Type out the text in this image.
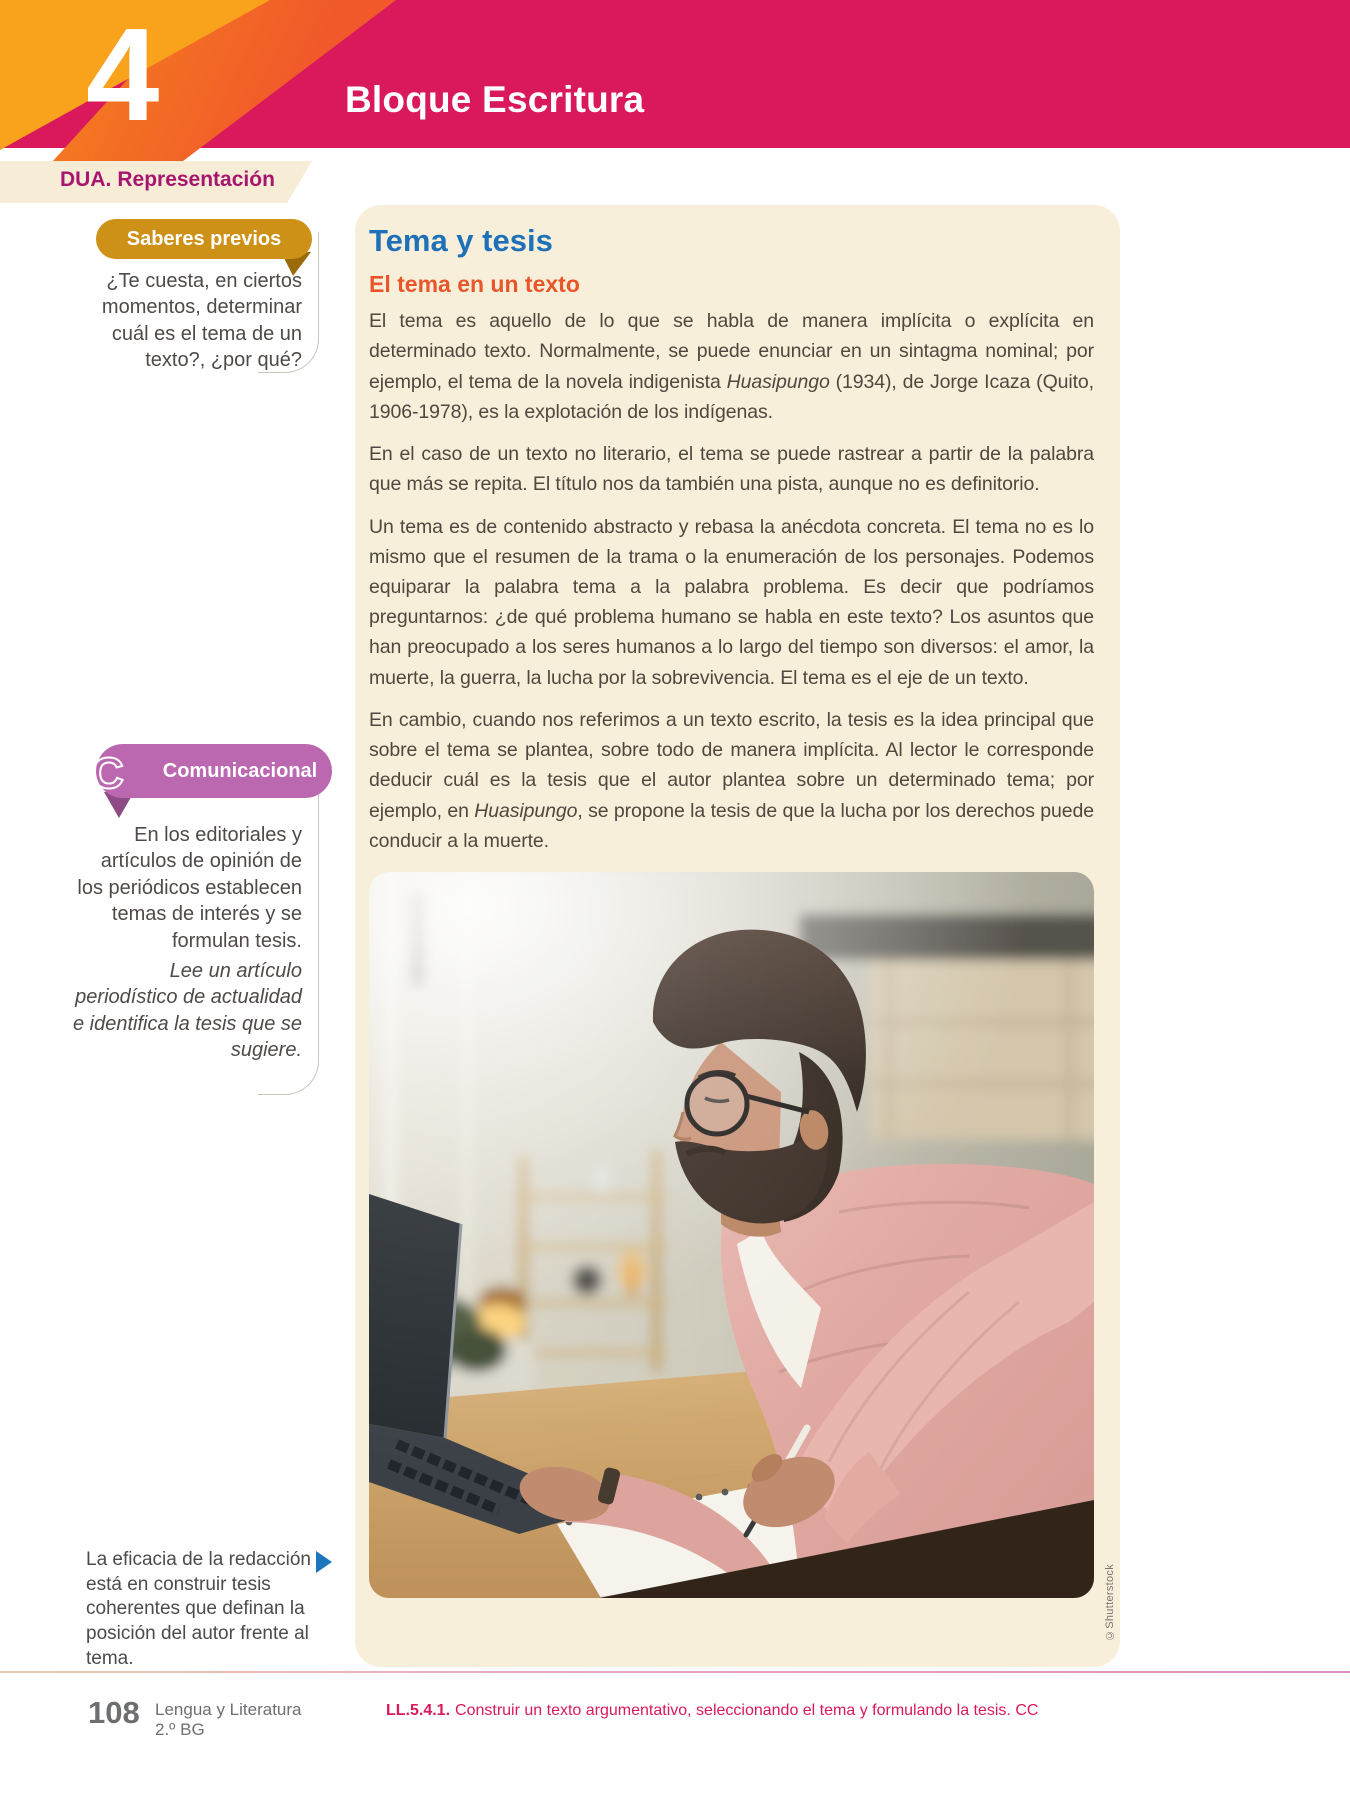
4	Bloque Escritura
DUA. Representación
Saberes previos
¿Te cuesta, en ciertos momentos, determinar cuál es el tema de un texto?, ¿por qué?
C	Comunicacional

En los editoriales y artículos de opinión de los periódicos establecen temas de interés y se formulan tesis.

Lee un artículo periodístico de actualidad e identifica la tesis que se sugiere.

La eficacia de la redacción está en construir tesis coherentes que definan la posición del autor frente al tema.
Tema y tesis
El tema en un texto

El tema es aquello de lo que se habla de manera implícita o explícita en determinado texto. Normalmente, se puede enunciar en un sintagma nominal; por ejemplo, el tema de la novela indigenista Huasipungo (1934), de Jorge Icaza (Quito, 1906-1978), es la explotación de los indígenas.

En el caso de un texto no literario, el tema se puede rastrear a partir de la palabra que más se repita. El título nos da también una pista, aunque no es definitorio.

Un tema es de contenido abstracto y rebasa la anécdota concreta. El tema no es lo mismo que el resumen de la trama o la enumeración de los personajes. Podemos equiparar la palabra tema a la palabra problema. Es decir que podríamos preguntarnos: ¿de qué problema humano se habla en este texto? Los asuntos que han preocupado a los seres humanos a lo largo del tiempo son diversos: el amor, la muerte, la guerra, la lucha por la sobrevivencia. El tema es el eje de un texto.

En cambio, cuando nos referimos a un texto escrito, la tesis es la idea principal que sobre el tema se plantea, sobre todo de manera implícita. Al lector le corresponde deducir cuál es la tesis que el autor plantea sobre un determinado tema; por ejemplo, en Huasipungo, se propone la tesis de que la lucha por los derechos puede conducir a la muerte.

©Shutterstock
108 Lengua y Literatura
2.º BG
LL.5.4.1. Construir un texto argumentativo, seleccionando el tema y formulando la tesis. CC
